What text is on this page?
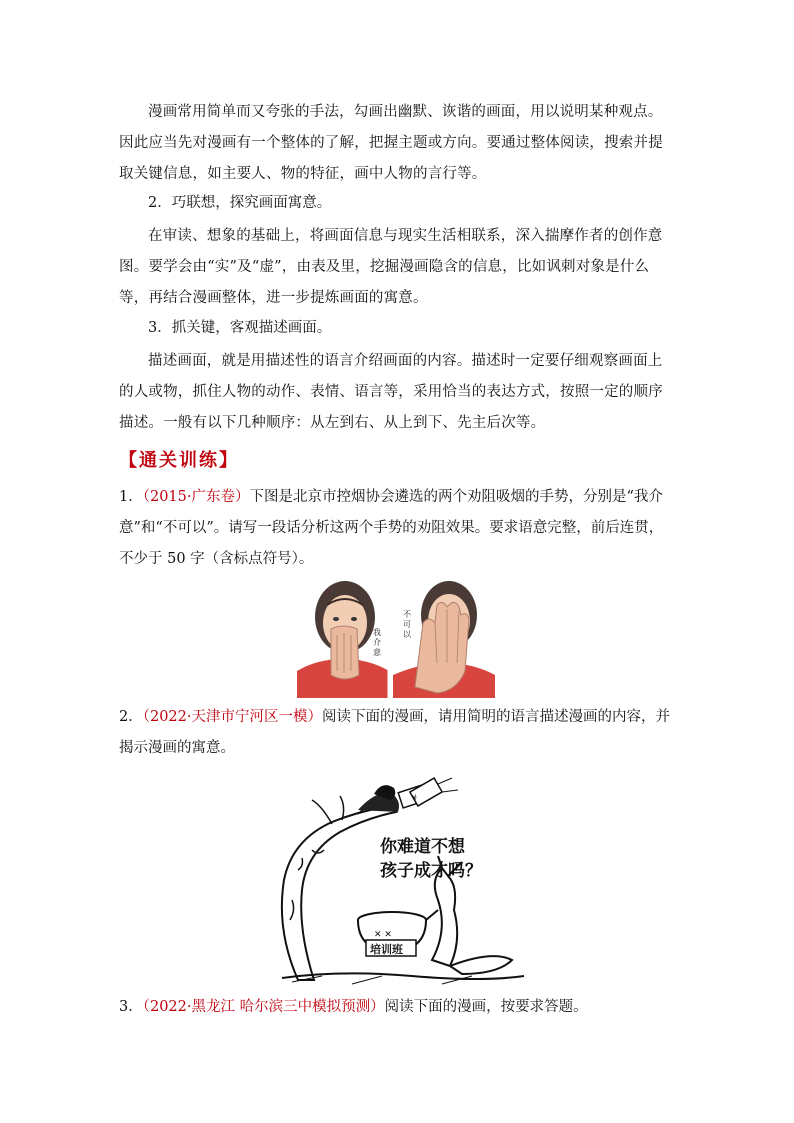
漫画常用简单而又夸张的手法，勾画出幽默、诙谐的画面，用以说明某种观点。因此应当先对漫画有一个整体的了解，把握主题或方向。要通过整体阅读，搜索并提取关键信息，如主要人、物的特征，画中人物的言行等。

2．巧联想，探究画面寓意。

在审读、想象的基础上，将画面信息与现实生活相联系，深入揣摩作者的创作意图。要学会由“实”及“虚”，由表及里，挖掘漫画隐含的信息，比如讽刺对象是什么等，再结合漫画整体，进一步提炼画面的寓意。

3．抓关键，客观描述画面。

描述画面，就是用描述性的语言介绍画面的内容。描述时一定要仔细观察画面上的人或物，抓住人物的动作、表情、语言等，采用恰当的表达方式，按照一定的顺序描述。一般有以下几种顺序：从左到右、从上到下、先主后次等。

【通关训练】

1．（2015·广东卷）下图是北京市控烟协会遴选的两个劝阻吸烟的手势，分别是“我介意”和“不可以”。请写一段话分析这两个手势的劝阻效果。要求语意完整，前后连贯，不少于 50 字（含标点符号）。

我
介
意
不
可
以

2．（2022·天津市宁河区一模）阅读下面的漫画，请用简明的语言描述漫画的内容，并揭示漫画的寓意。

¥
✕ ✕
培训班
你难道不想
孩子成才吗？

3．（2022·黑龙江 哈尔滨三中模拟预测）阅读下面的漫画，按要求答题。
